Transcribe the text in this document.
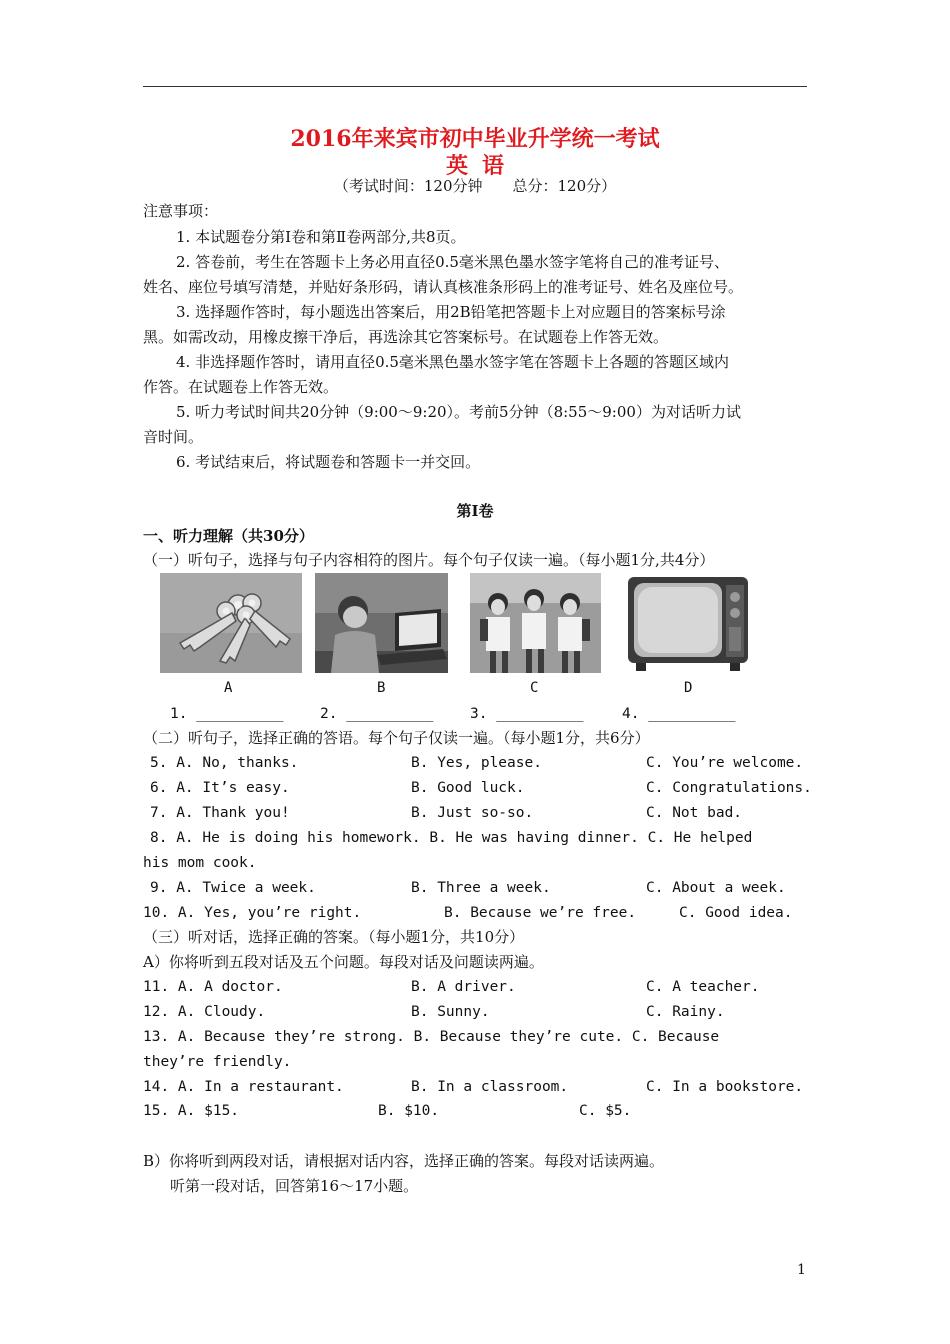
2016年来宾市初中毕业升学统一考试
英语
（考试时间：120分钟　　总分：120分）
注意事项：
1. 本试题卷分第Ⅰ卷和第Ⅱ卷两部分,共8页。
2. 答卷前，考生在答题卡上务必用直径0.5毫米黑色墨水签字笔将自己的准考证号、
姓名、座位号填写清楚，并贴好条形码，请认真核准条形码上的准考证号、姓名及座位号。
3. 选择题作答时，每小题选出答案后，用2B铅笔把答题卡上对应题目的答案标号涂
黑。如需改动，用橡皮擦干净后，再选涂其它答案标号。在试题卷上作答无效。
4. 非选择题作答时，请用直径0.5毫米黑色墨水签字笔在答题卡上各题的答题区域内
作答。在试题卷上作答无效。
5. 听力考试时间共20分钟（9:00～9:20）。考前5分钟（8:55～9:00）为对话听力试
音时间。
6. 考试结束后，将试题卷和答题卡一并交回。
第Ⅰ卷
一、听力理解（共30分）
（一）听句子，选择与句子内容相符的图片。每个句子仅读一遍。（每小题1分,共4分）
A	B	C	D
1. __________	2. __________	3. __________	4. __________
（二）听句子，选择正确的答语。每个句子仅读一遍。（每小题1分，共6分）
5. A. No, thanks.	B. Yes, please.	C. You’re welcome.
6. A. It’s easy.	B. Good luck.	C. Congratulations.
7. A. Thank you!	B. Just so-so.	C. Not bad.
8. A. He is doing his homework. B. He was having dinner. C. He helped
his mom cook.
9. A. Twice a week.	B. Three a week.	C. About a week.
10. A. Yes, you’re right.	B. Because we’re free.	C. Good idea.
（三）听对话，选择正确的答案。（每小题1分，共10分）
A）你将听到五段对话及五个问题。每段对话及问题读两遍。
11. A. A doctor.	B. A driver.	C. A teacher.
12. A. Cloudy.	B. Sunny.	C. Rainy.
13. A. Because they’re strong. B. Because they’re cute. C. Because
they’re friendly.
14. A. In a restaurant.	B. In a classroom.	C. In a bookstore.
15. A. $15.	B. $10.	C. $5.
B）你将听到两段对话，请根据对话内容，选择正确的答案。每段对话读两遍。
听第一段对话，回答第16～17小题。
1
